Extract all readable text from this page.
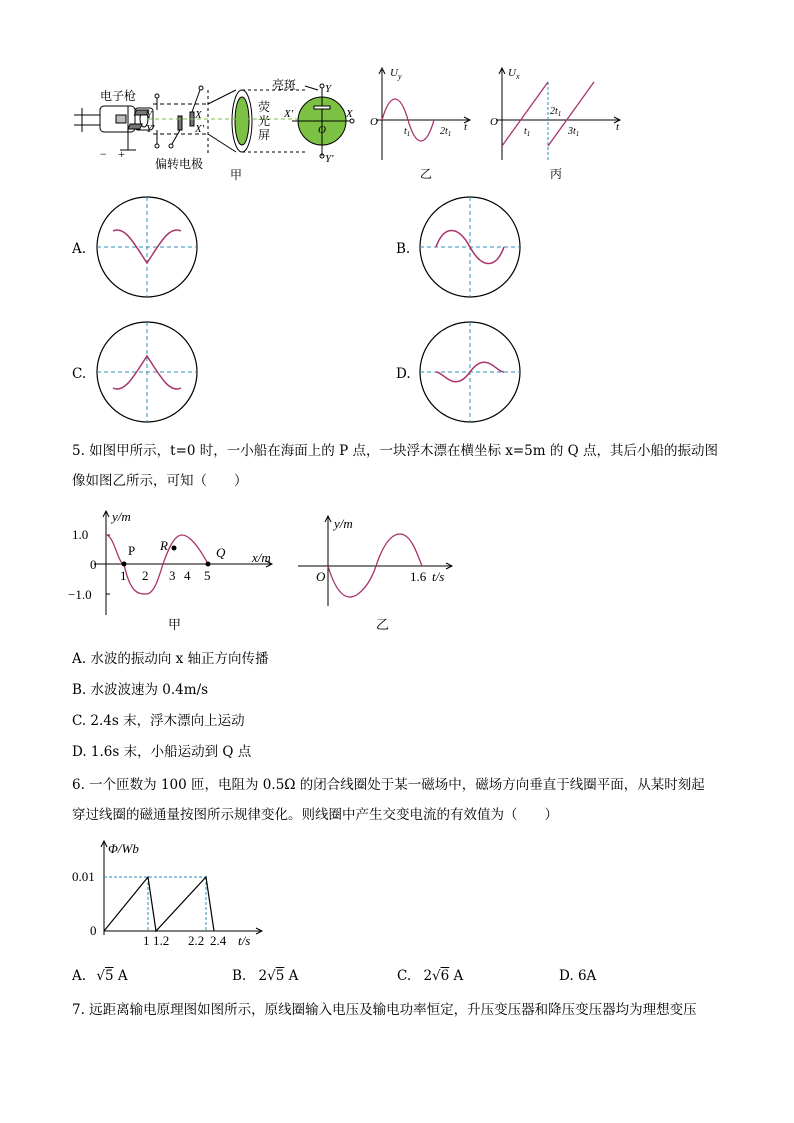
电子枪
亮斑
荧
光
屏
偏转电极
甲
− +
Y
Y'
X
X'
Y
Y'
X
X'
O
$U_y$
O
$t_1$	$2t_1$
t
乙
$U_x$
O
$t_1$
$2t_1$
$3t_1$
t
丙
A.	B.
C.	D.
5. 如图甲所示，t=0 时，一小船在海面上的 P 点，一块浮木漂在横坐标 x=5m 的 Q 点，其后小船的振动图
像如图乙所示，可知（　　）
y/m
x/m
1.0
0
−1.0
1 2 3 4 5
P R	Q
甲
y/m
O	1.6 t/s
乙
A. 水波的振动向 x 轴正方向传播
B. 水波波速为 0.4m/s
C. 2.4s 末，浮木漂向上运动
D. 1.6s 末，小船运动到 Q 点
6. 一个匝数为 100 匝，电阻为 0.5Ω 的闭合线圈处于某一磁场中，磁场方向垂直于线圈平面，从某时刻起
穿过线圈的磁通量按图所示规律变化。则线圈中产生交变电流的有效值为（　　）
Φ/Wb
0.01
0
1 1.2 2.2 2.4 t/s
A. √5 A	B. 2√5 A	C. 2√6 A	D. 6A
7. 远距离输电原理图如图所示，原线圈输入电压及输电功率恒定，升压变压器和降压变压器均为理想变压
